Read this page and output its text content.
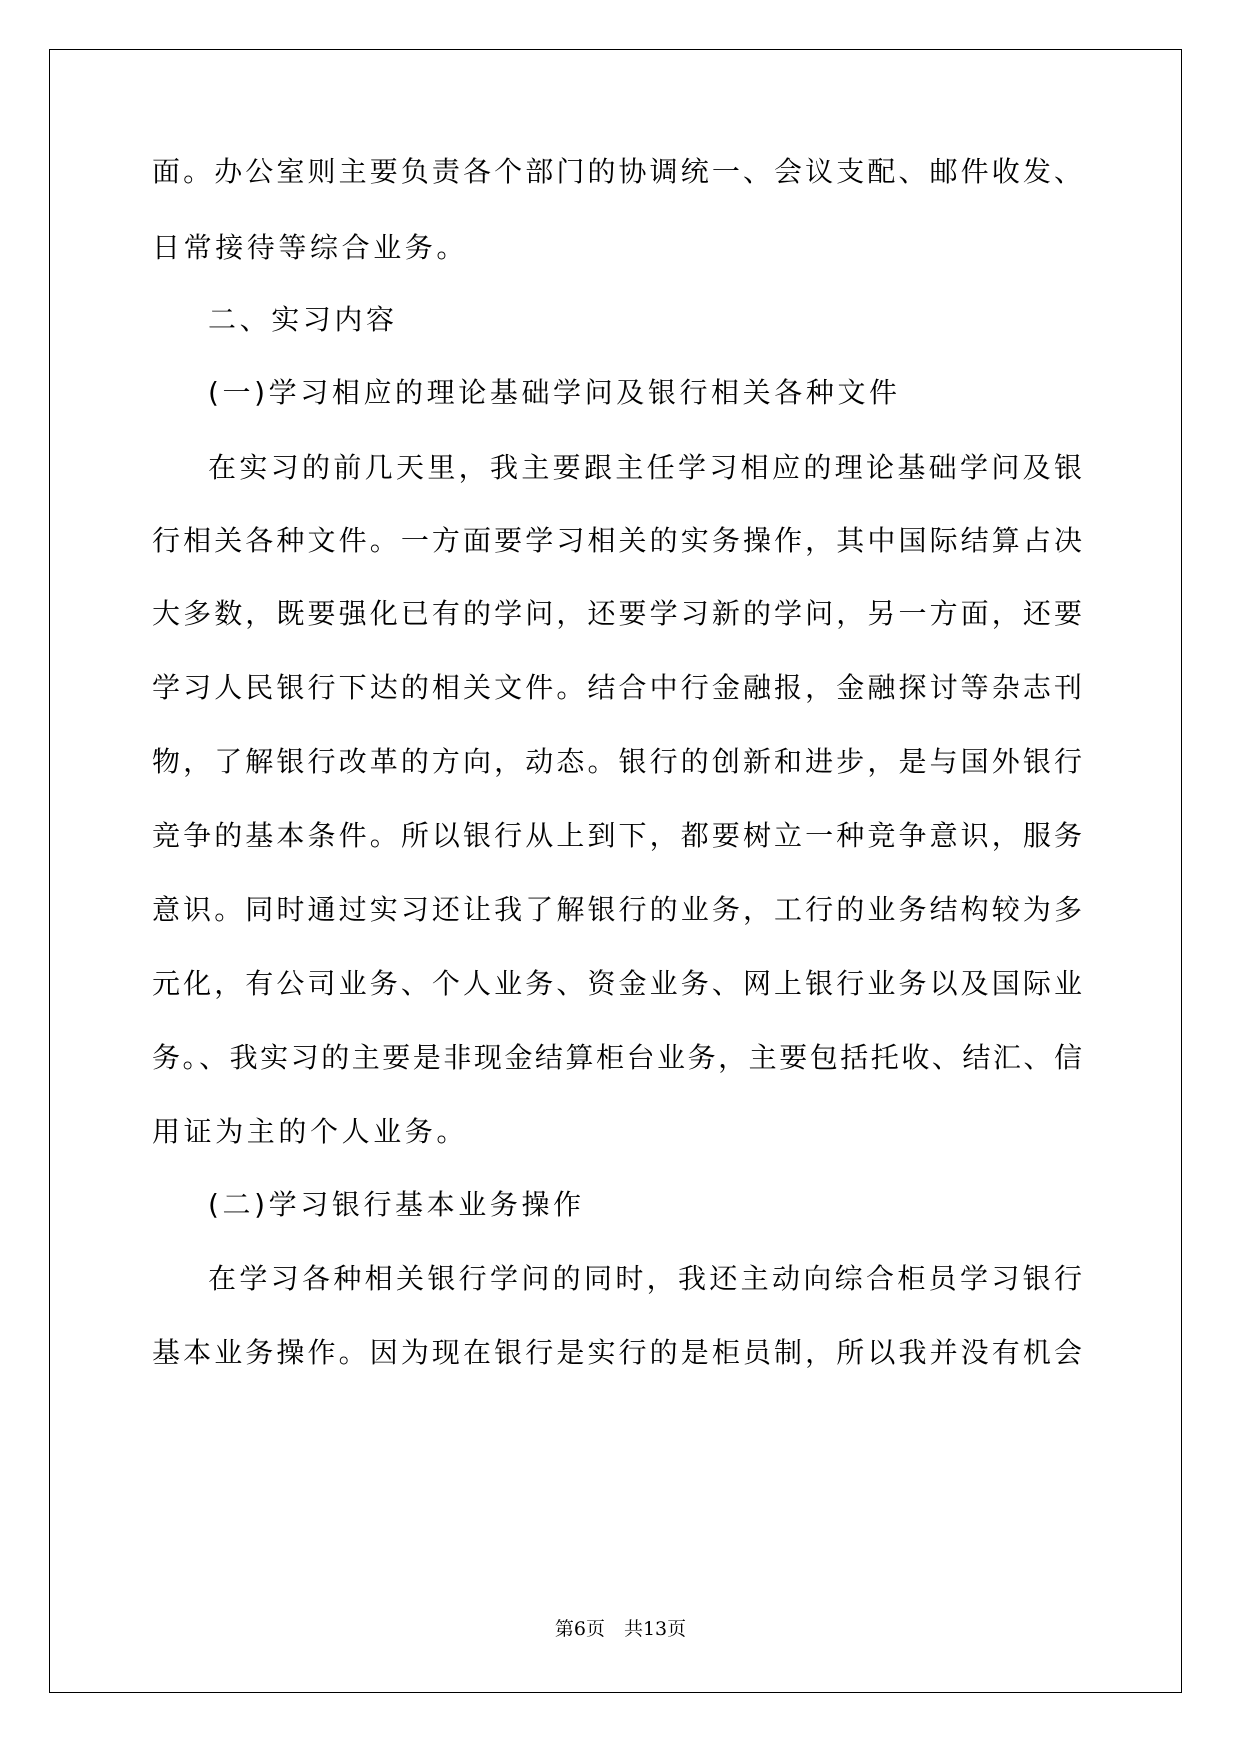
面。办公室则主要负责各个部门的协调统一、会议支配、邮件收发、
日常接待等综合业务。
二、实习内容
(一)学习相应的理论基础学问及银行相关各种文件
在实习的前几天里，我主要跟主任学习相应的理论基础学问及银
行相关各种文件。一方面要学习相关的实务操作，其中国际结算占决
大多数，既要强化已有的学问，还要学习新的学问，另一方面，还要
学习人民银行下达的相关文件。结合中行金融报，金融探讨等杂志刊
物，了解银行改革的方向，动态。银行的创新和进步，是与国外银行
竞争的基本条件。所以银行从上到下，都要树立一种竞争意识，服务
意识。同时通过实习还让我了解银行的业务，工行的业务结构较为多
元化，有公司业务、个人业务、资金业务、网上银行业务以及国际业
务。、我实习的主要是非现金结算柜台业务，主要包括托收、结汇、信
用证为主的个人业务。
(二)学习银行基本业务操作
在学习各种相关银行学问的同时，我还主动向综合柜员学习银行
基本业务操作。因为现在银行是实行的是柜员制，所以我并没有机会
第6页　共13页
